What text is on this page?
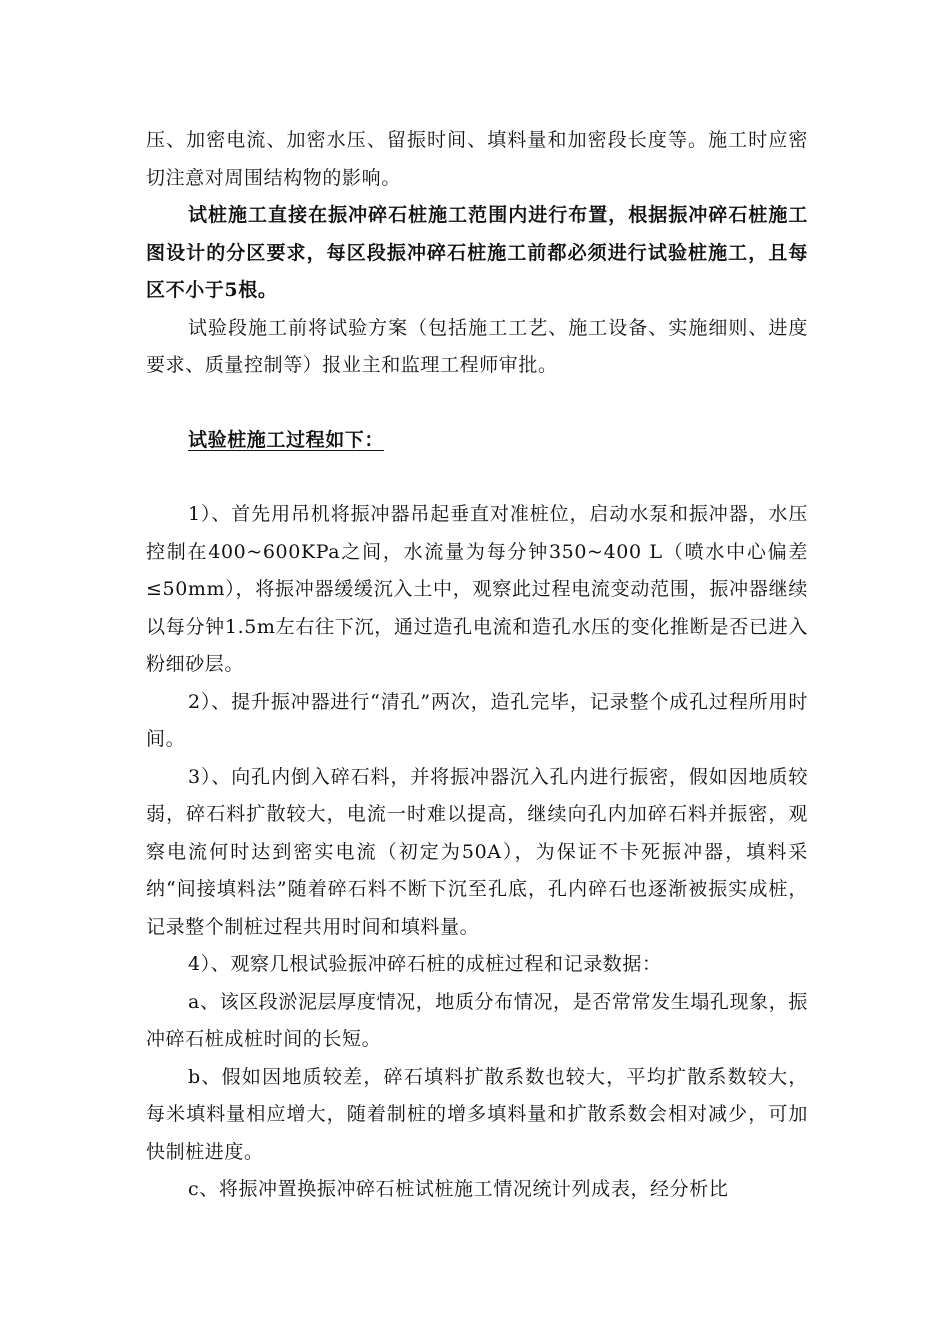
压、加密电流、加密水压、留振时间、填料量和加密段长度等。施工时应密切注意对周围结构物的影响。

试桩施工直接在振冲碎石桩施工范围内进行布置，根据振冲碎石桩施工图设计的分区要求，每区段振冲碎石桩施工前都必须进行试验桩施工，且每区不小于5根。

试验段施工前将试验方案（包括施工工艺、施工设备、实施细则、进度要求、质量控制等）报业主和监理工程师审批。

试验桩施工过程如下：

1）、首先用吊机将振冲器吊起垂直对准桩位，启动水泵和振冲器，水压控制在400~600KPa之间，水流量为每分钟350~400 L（喷水中心偏差≤50mm），将振冲器缓缓沉入土中，观察此过程电流变动范围，振冲器继续以每分钟1.5m左右往下沉，通过造孔电流和造孔水压的变化推断是否已进入粉细砂层。

2）、提升振冲器进行“清孔”两次，造孔完毕，记录整个成孔过程所用时间。

3）、向孔内倒入碎石料，并将振冲器沉入孔内进行振密，假如因地质较弱，碎石料扩散较大，电流一时难以提高，继续向孔内加碎石料并振密，观察电流何时达到密实电流（初定为50A），为保证不卡死振冲器，填料采纳“间接填料法”随着碎石料不断下沉至孔底，孔内碎石也逐渐被振实成桩，记录整个制桩过程共用时间和填料量。

4）、观察几根试验振冲碎石桩的成桩过程和记录数据：

a、该区段淤泥层厚度情况，地质分布情况，是否常常发生塌孔现象，振冲碎石桩成桩时间的长短。

b、假如因地质较差，碎石填料扩散系数也较大，平均扩散系数较大，每米填料量相应增大，随着制桩的增多填料量和扩散系数会相对减少，可加快制桩进度。

c、将振冲置换振冲碎石桩试桩施工情况统计列成表，经分析比
